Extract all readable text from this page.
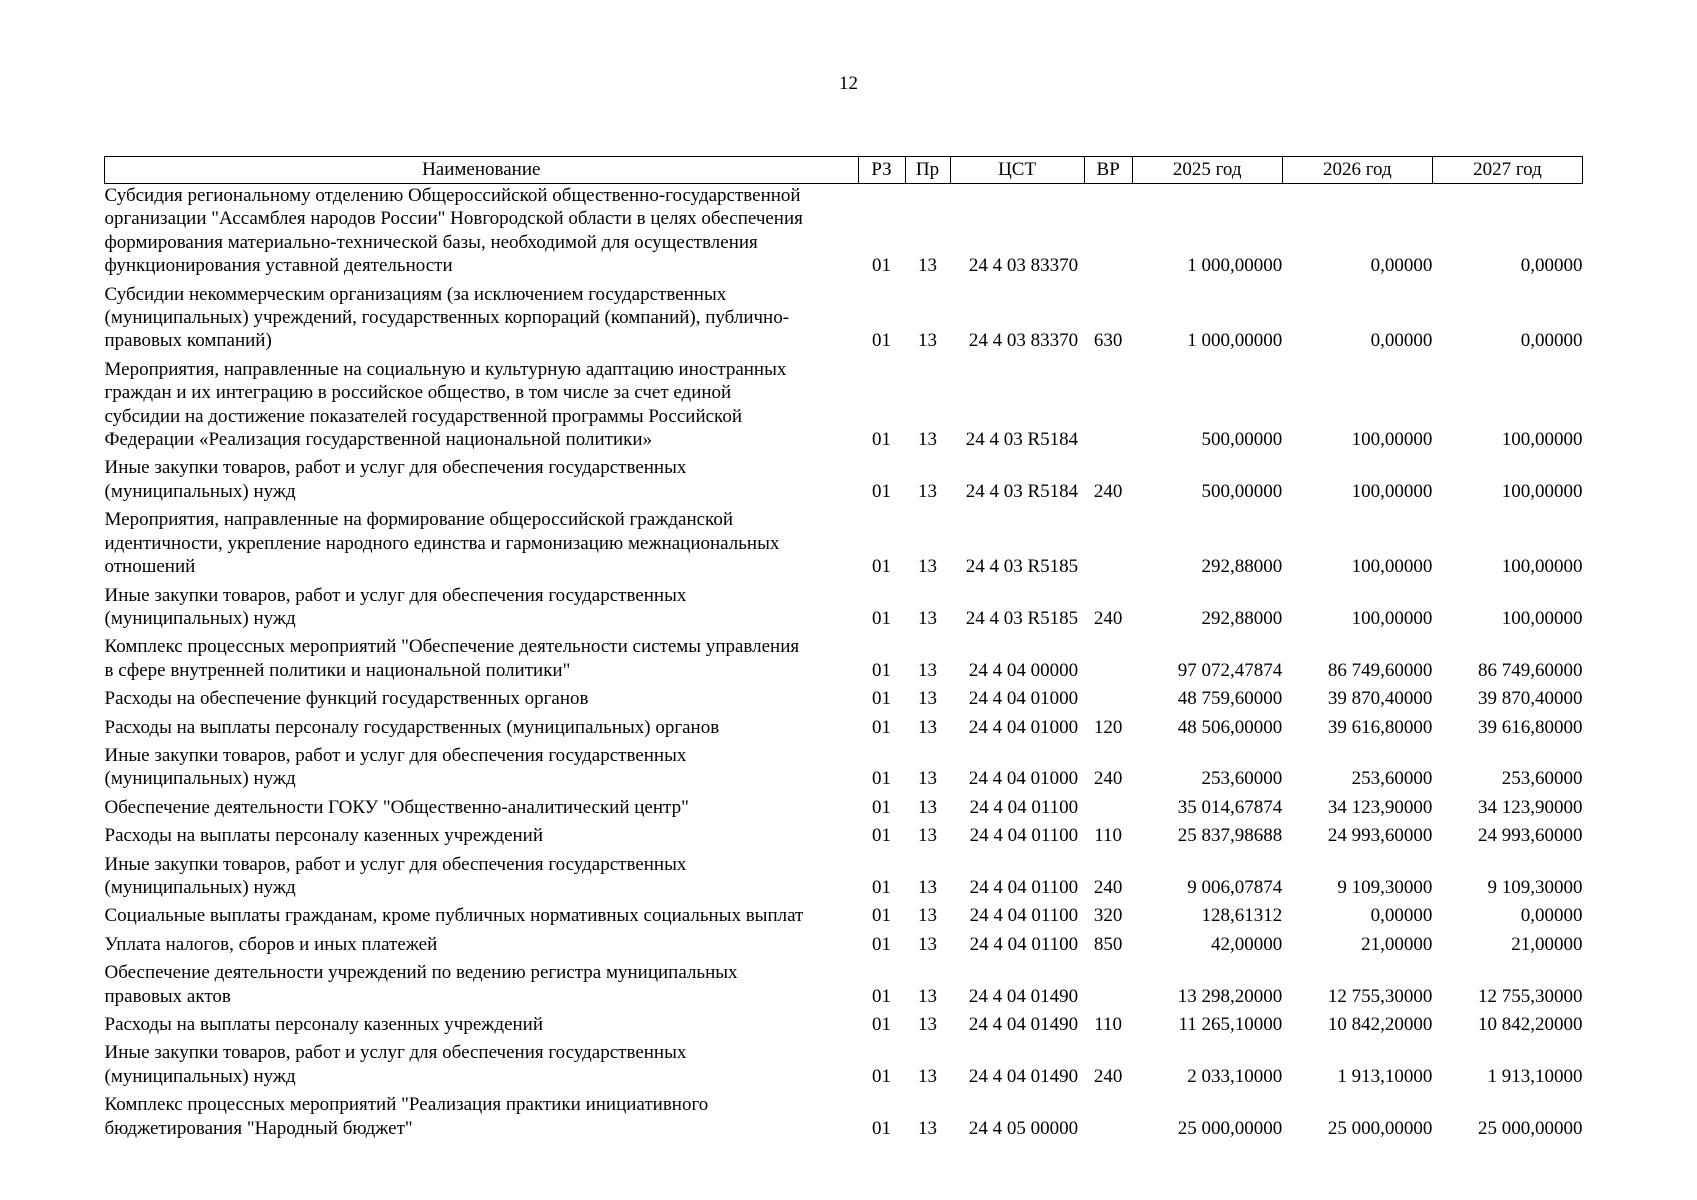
12
Наименование	РЗ	Пр	ЦСТ	ВР	2025 год	2026 год	2027 год

Субсидия региональному отделению Общероссийской общественно-государственной
организации "Ассамблея народов России" Новгородской области в целях обеспечения
формирования материально-технической базы, необходимой для осуществления
функционирования уставной деятельности	01	13	24 4 03 83370		1 000,00000	0,00000	0,00000

Субсидии некоммерческим организациям (за исключением государственных
(муниципальных) учреждений, государственных корпораций (компаний), публично-
правовых компаний)	01	13	24 4 03 83370	630	1 000,00000	0,00000	0,00000

Мероприятия, направленные на социальную и культурную адаптацию иностранных
граждан и их интеграцию в российское общество, в том числе за счет единой
субсидии на достижение показателей государственной программы Российской
Федерации «Реализация государственной национальной политики»	01	13	24 4 03 R5184		500,00000	100,00000	100,00000

Иные закупки товаров, работ и услуг для обеспечения государственных
(муниципальных) нужд	01	13	24 4 03 R5184	240	500,00000	100,00000	100,00000

Мероприятия, направленные на формирование общероссийской гражданской
идентичности, укрепление народного единства и гармонизацию межнациональных
отношений	01	13	24 4 03 R5185		292,88000	100,00000	100,00000

Иные закупки товаров, работ и услуг для обеспечения государственных
(муниципальных) нужд	01	13	24 4 03 R5185	240	292,88000	100,00000	100,00000

Комплекс процессных мероприятий "Обеспечение деятельности системы управления
в сфере внутренней политики и национальной политики"	01	13	24 4 04 00000		97 072,47874	86 749,60000	86 749,60000

Расходы на обеспечение функций государственных органов	01	13	24 4 04 01000		48 759,60000	39 870,40000	39 870,40000

Расходы на выплаты персоналу государственных (муниципальных) органов	01	13	24 4 04 01000	120	48 506,00000	39 616,80000	39 616,80000

Иные закупки товаров, работ и услуг для обеспечения государственных
(муниципальных) нужд	01	13	24 4 04 01000	240	253,60000	253,60000	253,60000

Обеспечение деятельности ГОКУ "Общественно-аналитический центр"	01	13	24 4 04 01100		35 014,67874	34 123,90000	34 123,90000

Расходы на выплаты персоналу казенных учреждений	01	13	24 4 04 01100	110	25 837,98688	24 993,60000	24 993,60000

Иные закупки товаров, работ и услуг для обеспечения государственных
(муниципальных) нужд	01	13	24 4 04 01100	240	9 006,07874	9 109,30000	9 109,30000

Социальные выплаты гражданам, кроме публичных нормативных социальных выплат	01	13	24 4 04 01100	320	128,61312	0,00000	0,00000

Уплата налогов, сборов и иных платежей	01	13	24 4 04 01100	850	42,00000	21,00000	21,00000

Обеспечение деятельности учреждений по ведению регистра муниципальных
правовых актов	01	13	24 4 04 01490		13 298,20000	12 755,30000	12 755,30000

Расходы на выплаты персоналу казенных учреждений	01	13	24 4 04 01490	110	11 265,10000	10 842,20000	10 842,20000

Иные закупки товаров, работ и услуг для обеспечения государственных
(муниципальных) нужд	01	13	24 4 04 01490	240	2 033,10000	1 913,10000	1 913,10000

Комплекс процессных мероприятий "Реализация практики инициативного
бюджетирования "Народный бюджет"	01	13	24 4 05 00000		25 000,00000	25 000,00000	25 000,00000
